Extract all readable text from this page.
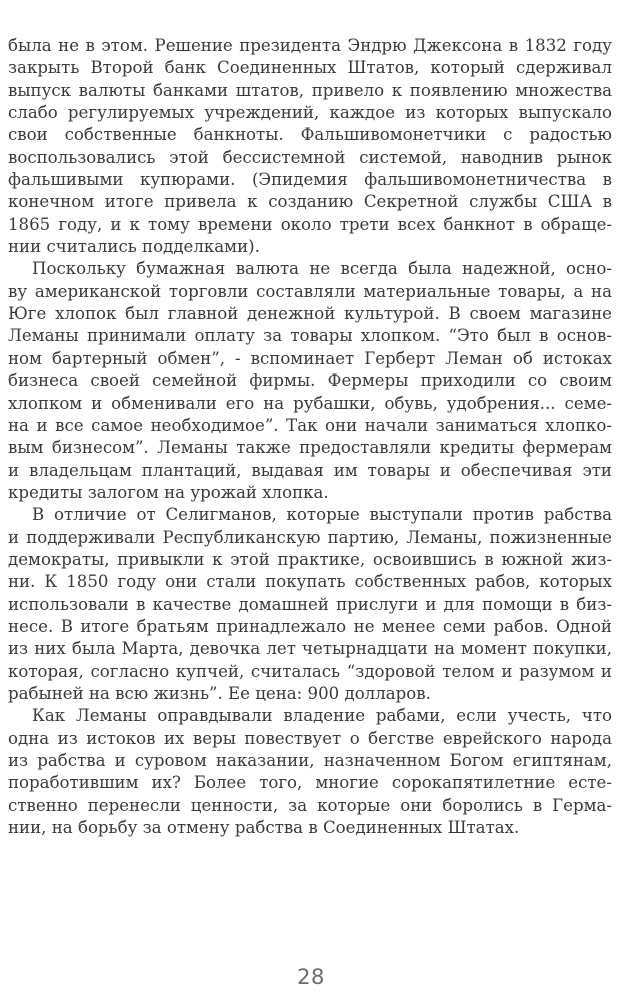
была не в этом. Решение президента Эндрю Джексона в 1832 году
закрыть Второй банк Соединенных Штатов, который сдерживал
выпуск валюты банками штатов, привело к появлению множества
слабо регулируемых учреждений, каждое из которых выпускало
свои собственные банкноты. Фальшивомонетчики с радостью
воспользовались этой бессистемной системой, наводнив рынок
фальшивыми купюрами. (Эпидемия фальшивомонетничества в
конечном итоге привела к созданию Секретной службы США в
1865 году, и к тому времени около трети всех банкнот в обраще-
нии считались подделками).
Поскольку бумажная валюта не всегда была надежной, осно-
ву американской торговли составляли материальные товары, а на
Юге хлопок был главной денежной культурой. В своем магазине
Леманы принимали оплату за товары хлопком. “Это был в основ-
ном бартерный обмен”, - вспоминает Герберт Леман об истоках
бизнеса своей семейной фирмы. Фермеры приходили со своим
хлопком и обменивали его на рубашки, обувь, удобрения... семе-
на и все самое необходимое”. Так они начали заниматься хлопко-
вым бизнесом”. Леманы также предоставляли кредиты фермерам
и владельцам плантаций, выдавая им товары и обеспечивая эти
кредиты залогом на урожай хлопка.
В отличие от Селигманов, которые выступали против рабства
и поддерживали Республиканскую партию, Леманы, пожизненные
демократы, привыкли к этой практике, освоившись в южной жиз-
ни. К 1850 году они стали покупать собственных рабов, которых
использовали в качестве домашней прислуги и для помощи в биз-
несе. В итоге братьям принадлежало не менее семи рабов. Одной
из них была Марта, девочка лет четырнадцати на момент покупки,
которая, согласно купчей, считалась “здоровой телом и разумом и
рабыней на всю жизнь”. Ее цена: 900 долларов.
Как Леманы оправдывали владение рабами, если учесть, что
одна из истоков их веры повествует о бегстве еврейского народа
из рабства и суровом наказании, назначенном Богом египтянам,
поработившим их? Более того, многие сорокапятилетние есте-
ственно перенесли ценности, за которые они боролись в Герма-
нии, на борьбу за отмену рабства в Соединенных Штатах.
28
